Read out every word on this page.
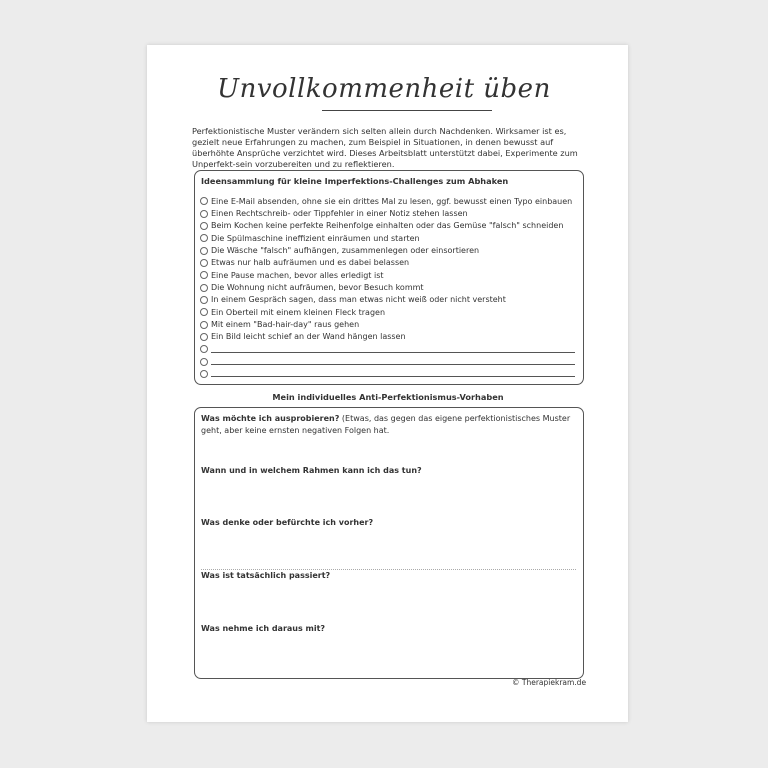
Unvollkommenheit üben
Perfektionistische Muster verändern sich selten allein durch Nachdenken. Wirksamer ist es, gezielt neue Erfahrungen zu machen, zum Beispiel in Situationen, in denen bewusst auf überhöhte Ansprüche verzichtet wird. Dieses Arbeitsblatt unterstützt dabei, Experimente zum Unperfekt-sein vorzubereiten und zu reflektieren.
Ideensammlung für kleine Imperfektions-Challenges zum Abhaken
Eine E-Mail absenden, ohne sie ein drittes Mal zu lesen, ggf. bewusst einen Typo einbauen
Einen Rechtschreib- oder Tippfehler in einer Notiz stehen lassen
Beim Kochen keine perfekte Reihenfolge einhalten oder das Gemüse "falsch" schneiden
Die Spülmaschine ineffizient einräumen und starten
Die Wäsche "falsch" aufhängen, zusammenlegen oder einsortieren
Etwas nur halb aufräumen und es dabei belassen
Eine Pause machen, bevor alles erledigt ist
Die Wohnung nicht aufräumen, bevor Besuch kommt
In einem Gespräch sagen, dass man etwas nicht weiß oder nicht versteht
Ein Oberteil mit einem kleinen Fleck tragen
Mit einem "Bad-hair-day" raus gehen
Ein Bild leicht schief an der Wand hängen lassen
Mein individuelles Anti-Perfektionismus-Vorhaben
Was möchte ich ausprobieren? (Etwas, das gegen das eigene perfektionistisches Muster geht, aber keine ernsten negativen Folgen hat.
Wann und in welchem Rahmen kann ich das tun?
Was denke oder befürchte ich vorher?
Was ist tatsächlich passiert?
Was nehme ich daraus mit?
© Therapiekram.de
